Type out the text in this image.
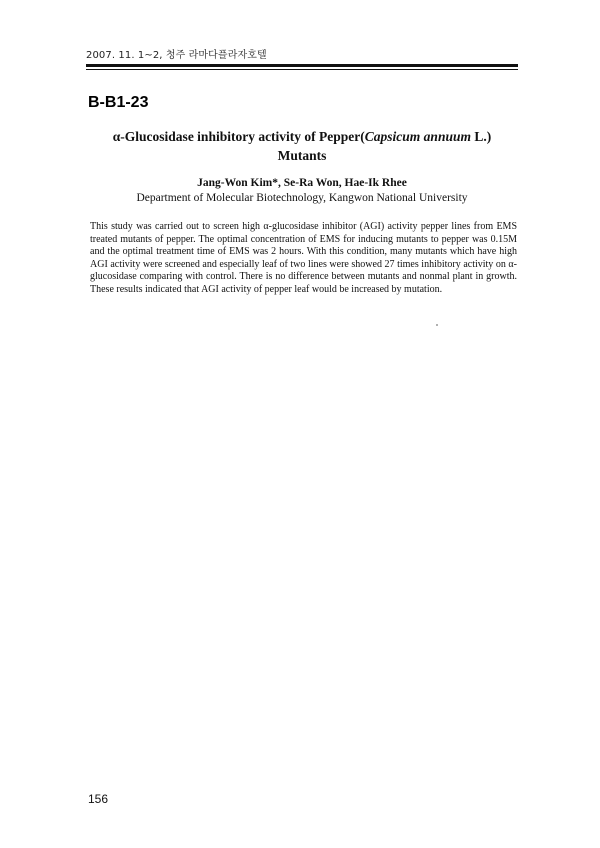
2007. 11. 1~2, 청주 라마다플라자호텔
B-B1-23
α-Glucosidase inhibitory activity of Pepper(Capsicum annuum L.)
Mutants
Jang-Won Kim*, Se-Ra Won, Hae-Ik Rhee
Department of Molecular Biotechnology, Kangwon National University
This study was carried out to screen high α-glucosidase inhibitor (AGI) activity pepper lines from EMS treated mutants of pepper. The optimal concentration of EMS for inducing mutants to pepper was 0.15M and the optimal treatment time of EMS was 2 hours. With this condition, many mutants which have high AGI activity were screened and especially leaf of two lines were showed 27 times inhibitory activity on α-glucosidase comparing with control. There is no difference between mutants and nonmal plant in growth. These results indicated that AGI activity of pepper leaf would be increased by mutation.
156
